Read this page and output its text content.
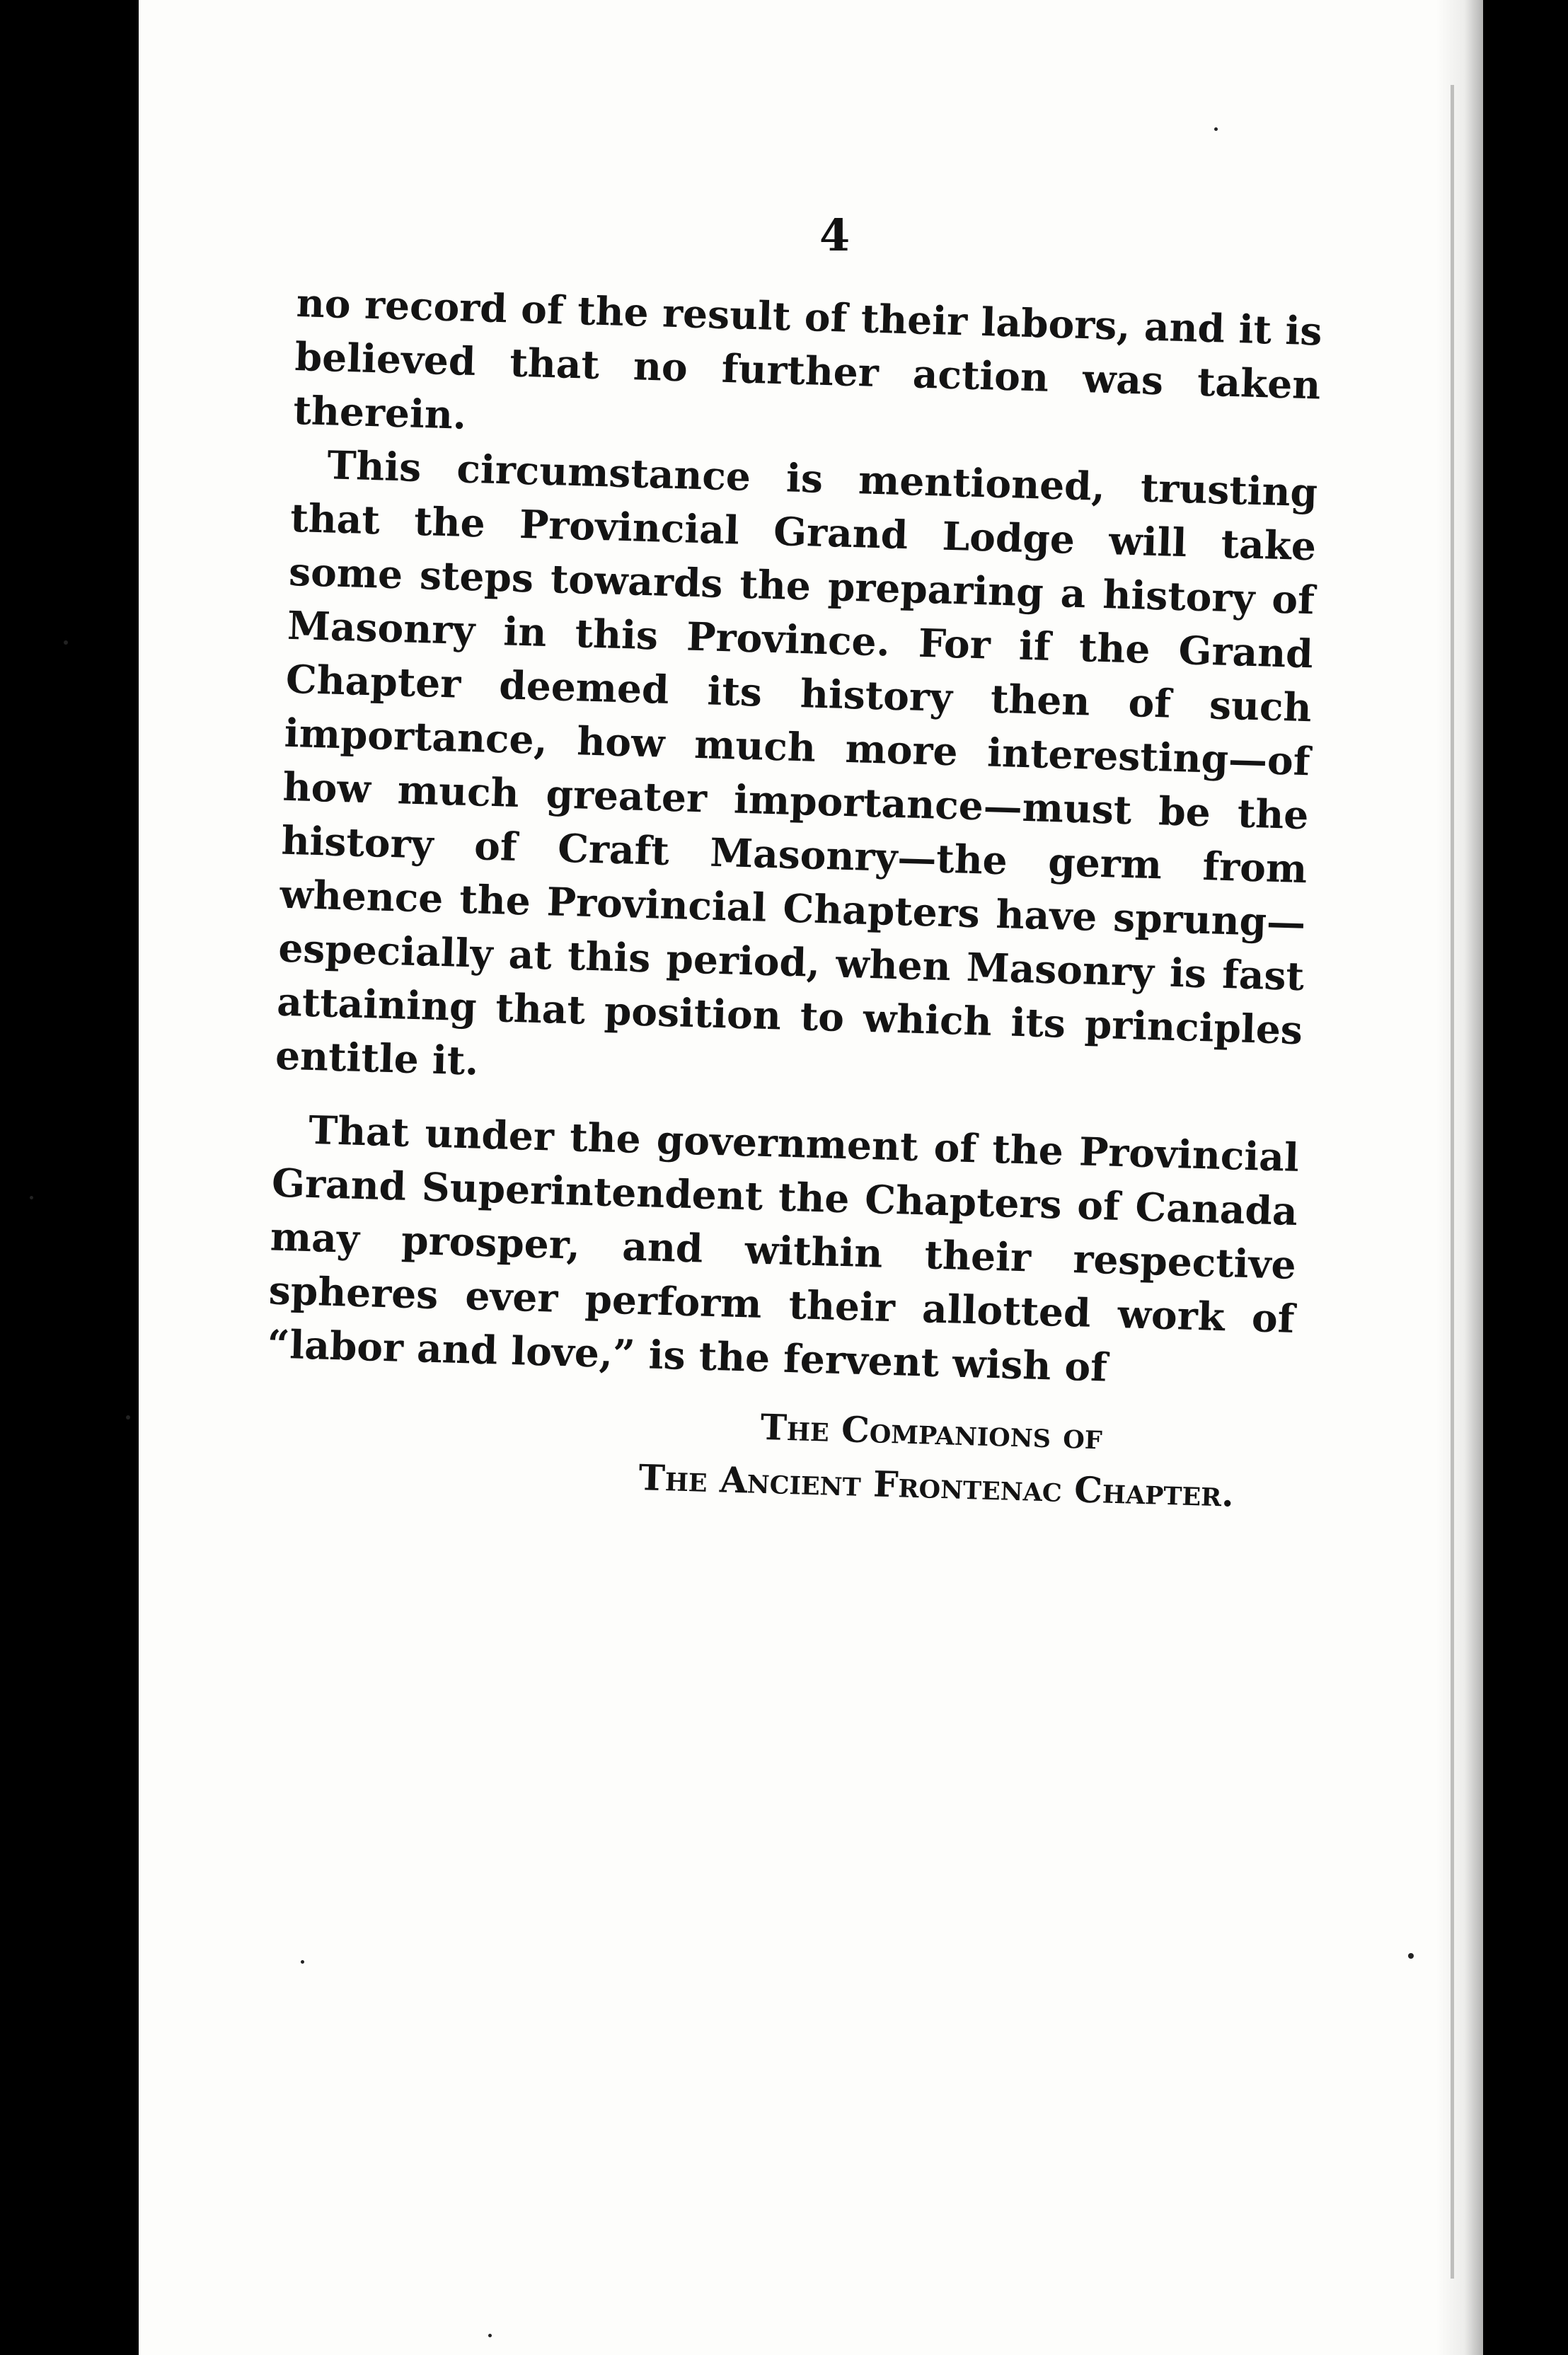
4

no record of the result of their labors, and it is believed that no further action was taken therein.

This circumstance is mentioned, trusting that the Provincial Grand Lodge will take some steps towards the preparing a history of Masonry in this Province. For if the Grand Chapter deemed its history then of such importance, how much more interesting—of how much greater importance—must be the history of Craft Masonry—the germ from whence the Provincial Chapters have sprung—especially at this period, when Masonry is fast attaining that position to which its principles entitle it.

That under the government of the Provincial Grand Superintendent the Chapters of Canada may prosper, and within their respective spheres ever perform their allotted work of “labor and love,” is the fervent wish of

The Companions of
The Ancient Frontenac Chapter.
